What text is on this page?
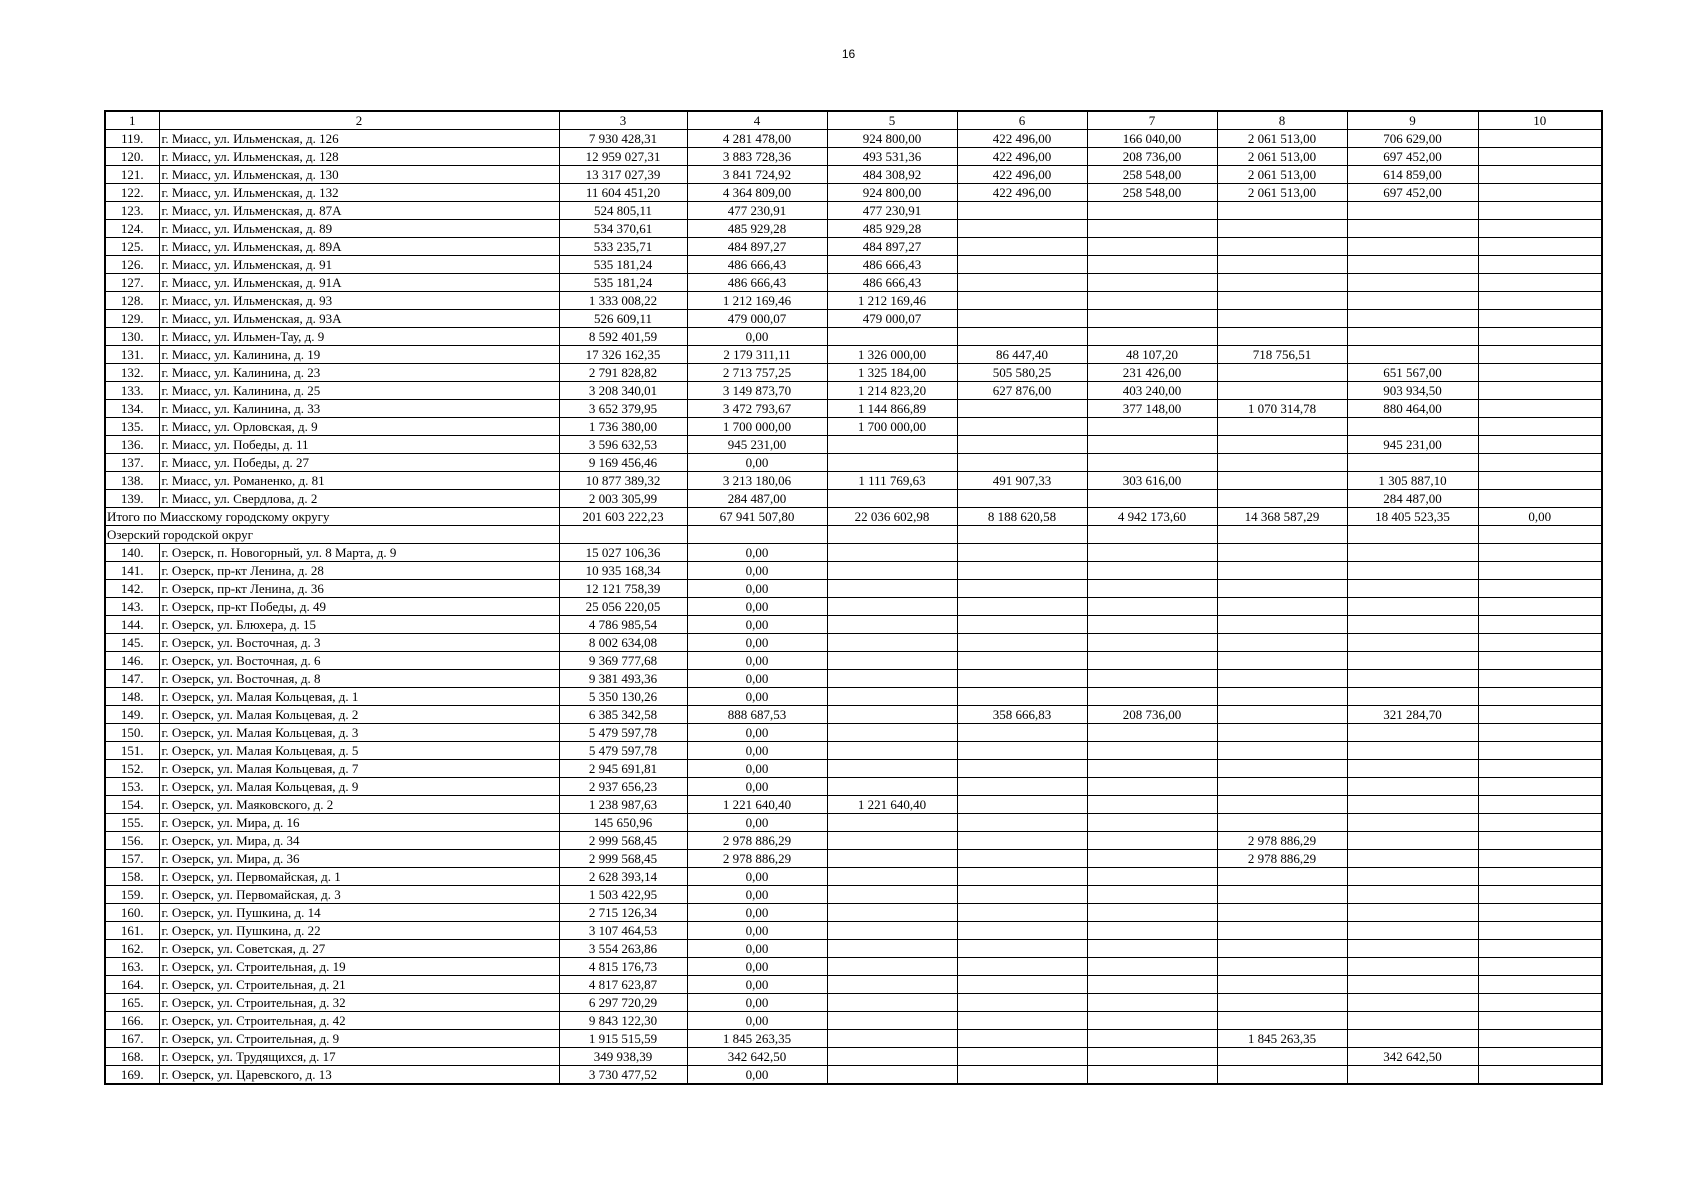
16
1	2	3	4	5	6	7	8	9	10
119.	г. Миасс, ул. Ильменская, д. 126	7 930 428,31	4 281 478,00	924 800,00	422 496,00	166 040,00	2 061 513,00	706 629,00	
120.	г. Миасс, ул. Ильменская, д. 128	12 959 027,31	3 883 728,36	493 531,36	422 496,00	208 736,00	2 061 513,00	697 452,00	
121.	г. Миасс, ул. Ильменская, д. 130	13 317 027,39	3 841 724,92	484 308,92	422 496,00	258 548,00	2 061 513,00	614 859,00	
122.	г. Миасс, ул. Ильменская, д. 132	11 604 451,20	4 364 809,00	924 800,00	422 496,00	258 548,00	2 061 513,00	697 452,00	
123.	г. Миасс, ул. Ильменская, д. 87А	524 805,11	477 230,91	477 230,91					
124.	г. Миасс, ул. Ильменская, д. 89	534 370,61	485 929,28	485 929,28					
125.	г. Миасс, ул. Ильменская, д. 89А	533 235,71	484 897,27	484 897,27					
126.	г. Миасс, ул. Ильменская, д. 91	535 181,24	486 666,43	486 666,43					
127.	г. Миасс, ул. Ильменская, д. 91А	535 181,24	486 666,43	486 666,43					
128.	г. Миасс, ул. Ильменская, д. 93	1 333 008,22	1 212 169,46	1 212 169,46					
129.	г. Миасс, ул. Ильменская, д. 93А	526 609,11	479 000,07	479 000,07					
130.	г. Миасс, ул. Ильмен-Тау, д. 9	8 592 401,59	0,00						
131.	г. Миасс, ул. Калинина, д. 19	17 326 162,35	2 179 311,11	1 326 000,00	86 447,40	48 107,20	718 756,51		
132.	г. Миасс, ул. Калинина, д. 23	2 791 828,82	2 713 757,25	1 325 184,00	505 580,25	231 426,00		651 567,00	
133.	г. Миасс, ул. Калинина, д. 25	3 208 340,01	3 149 873,70	1 214 823,20	627 876,00	403 240,00		903 934,50	
134.	г. Миасс, ул. Калинина, д. 33	3 652 379,95	3 472 793,67	1 144 866,89		377 148,00	1 070 314,78	880 464,00	
135.	г. Миасс, ул. Орловская, д. 9	1 736 380,00	1 700 000,00	1 700 000,00					
136.	г. Миасс, ул. Победы, д. 11	3 596 632,53	945 231,00					945 231,00	
137.	г. Миасс, ул. Победы, д. 27	9 169 456,46	0,00						
138.	г. Миасс, ул. Романенко, д. 81	10 877 389,32	3 213 180,06	1 111 769,63	491 907,33	303 616,00		1 305 887,10	
139.	г. Миасс, ул. Свердлова, д. 2	2 003 305,99	284 487,00					284 487,00	
Итого по Миасскому городскому округу		201 603 222,23	67 941 507,80	22 036 602,98	8 188 620,58	4 942 173,60	14 368 587,29	18 405 523,35	0,00
Озерский городской округ									
140.	г. Озерск, п. Новогорный, ул. 8 Марта, д. 9	15 027 106,36	0,00						
141.	г. Озерск, пр-кт Ленина, д. 28	10 935 168,34	0,00						
142.	г. Озерск, пр-кт Ленина, д. 36	12 121 758,39	0,00						
143.	г. Озерск, пр-кт Победы, д. 49	25 056 220,05	0,00						
144.	г. Озерск, ул. Блюхера, д. 15	4 786 985,54	0,00						
145.	г. Озерск, ул. Восточная, д. 3	8 002 634,08	0,00						
146.	г. Озерск, ул. Восточная, д. 6	9 369 777,68	0,00						
147.	г. Озерск, ул. Восточная, д. 8	9 381 493,36	0,00						
148.	г. Озерск, ул. Малая Кольцевая, д. 1	5 350 130,26	0,00						
149.	г. Озерск, ул. Малая Кольцевая, д. 2	6 385 342,58	888 687,53		358 666,83	208 736,00		321 284,70	
150.	г. Озерск, ул. Малая Кольцевая, д. 3	5 479 597,78	0,00						
151.	г. Озерск, ул. Малая Кольцевая, д. 5	5 479 597,78	0,00						
152.	г. Озерск, ул. Малая Кольцевая, д. 7	2 945 691,81	0,00						
153.	г. Озерск, ул. Малая Кольцевая, д. 9	2 937 656,23	0,00						
154.	г. Озерск, ул. Маяковского, д. 2	1 238 987,63	1 221 640,40	1 221 640,40					
155.	г. Озерск, ул. Мира, д. 16	145 650,96	0,00						
156.	г. Озерск, ул. Мира, д. 34	2 999 568,45	2 978 886,29				2 978 886,29		
157.	г. Озерск, ул. Мира, д. 36	2 999 568,45	2 978 886,29				2 978 886,29		
158.	г. Озерск, ул. Первомайская, д. 1	2 628 393,14	0,00						
159.	г. Озерск, ул. Первомайская, д. 3	1 503 422,95	0,00						
160.	г. Озерск, ул. Пушкина, д. 14	2 715 126,34	0,00						
161.	г. Озерск, ул. Пушкина, д. 22	3 107 464,53	0,00						
162.	г. Озерск, ул. Советская, д. 27	3 554 263,86	0,00						
163.	г. Озерск, ул. Строительная, д. 19	4 815 176,73	0,00						
164.	г. Озерск, ул. Строительная, д. 21	4 817 623,87	0,00						
165.	г. Озерск, ул. Строительная, д. 32	6 297 720,29	0,00						
166.	г. Озерск, ул. Строительная, д. 42	9 843 122,30	0,00						
167.	г. Озерск, ул. Строительная, д. 9	1 915 515,59	1 845 263,35				1 845 263,35		
168.	г. Озерск, ул. Трудящихся, д. 17	349 938,39	342 642,50					342 642,50	
169.	г. Озерск, ул. Царевского, д. 13	3 730 477,52	0,00						
